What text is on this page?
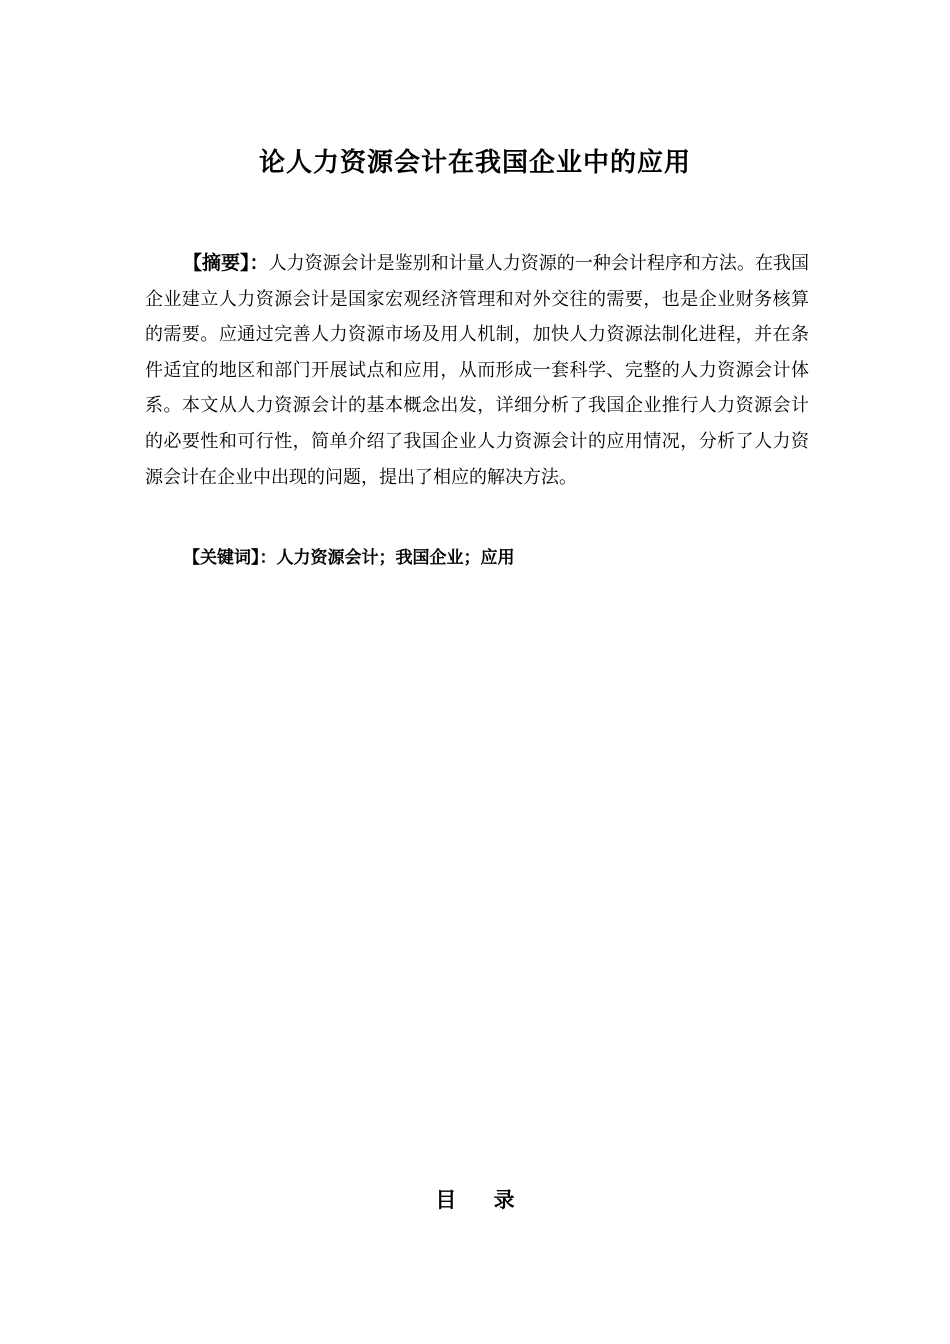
论人力资源会计在我国企业中的应用

【摘要】：人力资源会计是鉴别和计量人力资源的一种会计程序和方法。在我国企业建立人力资源会计是国家宏观经济管理和对外交往的需要，也是企业财务核算的需要。应通过完善人力资源市场及用人机制，加快人力资源法制化进程，并在条件适宜的地区和部门开展试点和应用，从而形成一套科学、完整的人力资源会计体系。本文从人力资源会计的基本概念出发，详细分析了我国企业推行人力资源会计的必要性和可行性，简单介绍了我国企业人力资源会计的应用情况，分析了人力资源会计在企业中出现的问题，提出了相应的解决方法。

【关键词】：人力资源会计；我国企业；应用

目 录
